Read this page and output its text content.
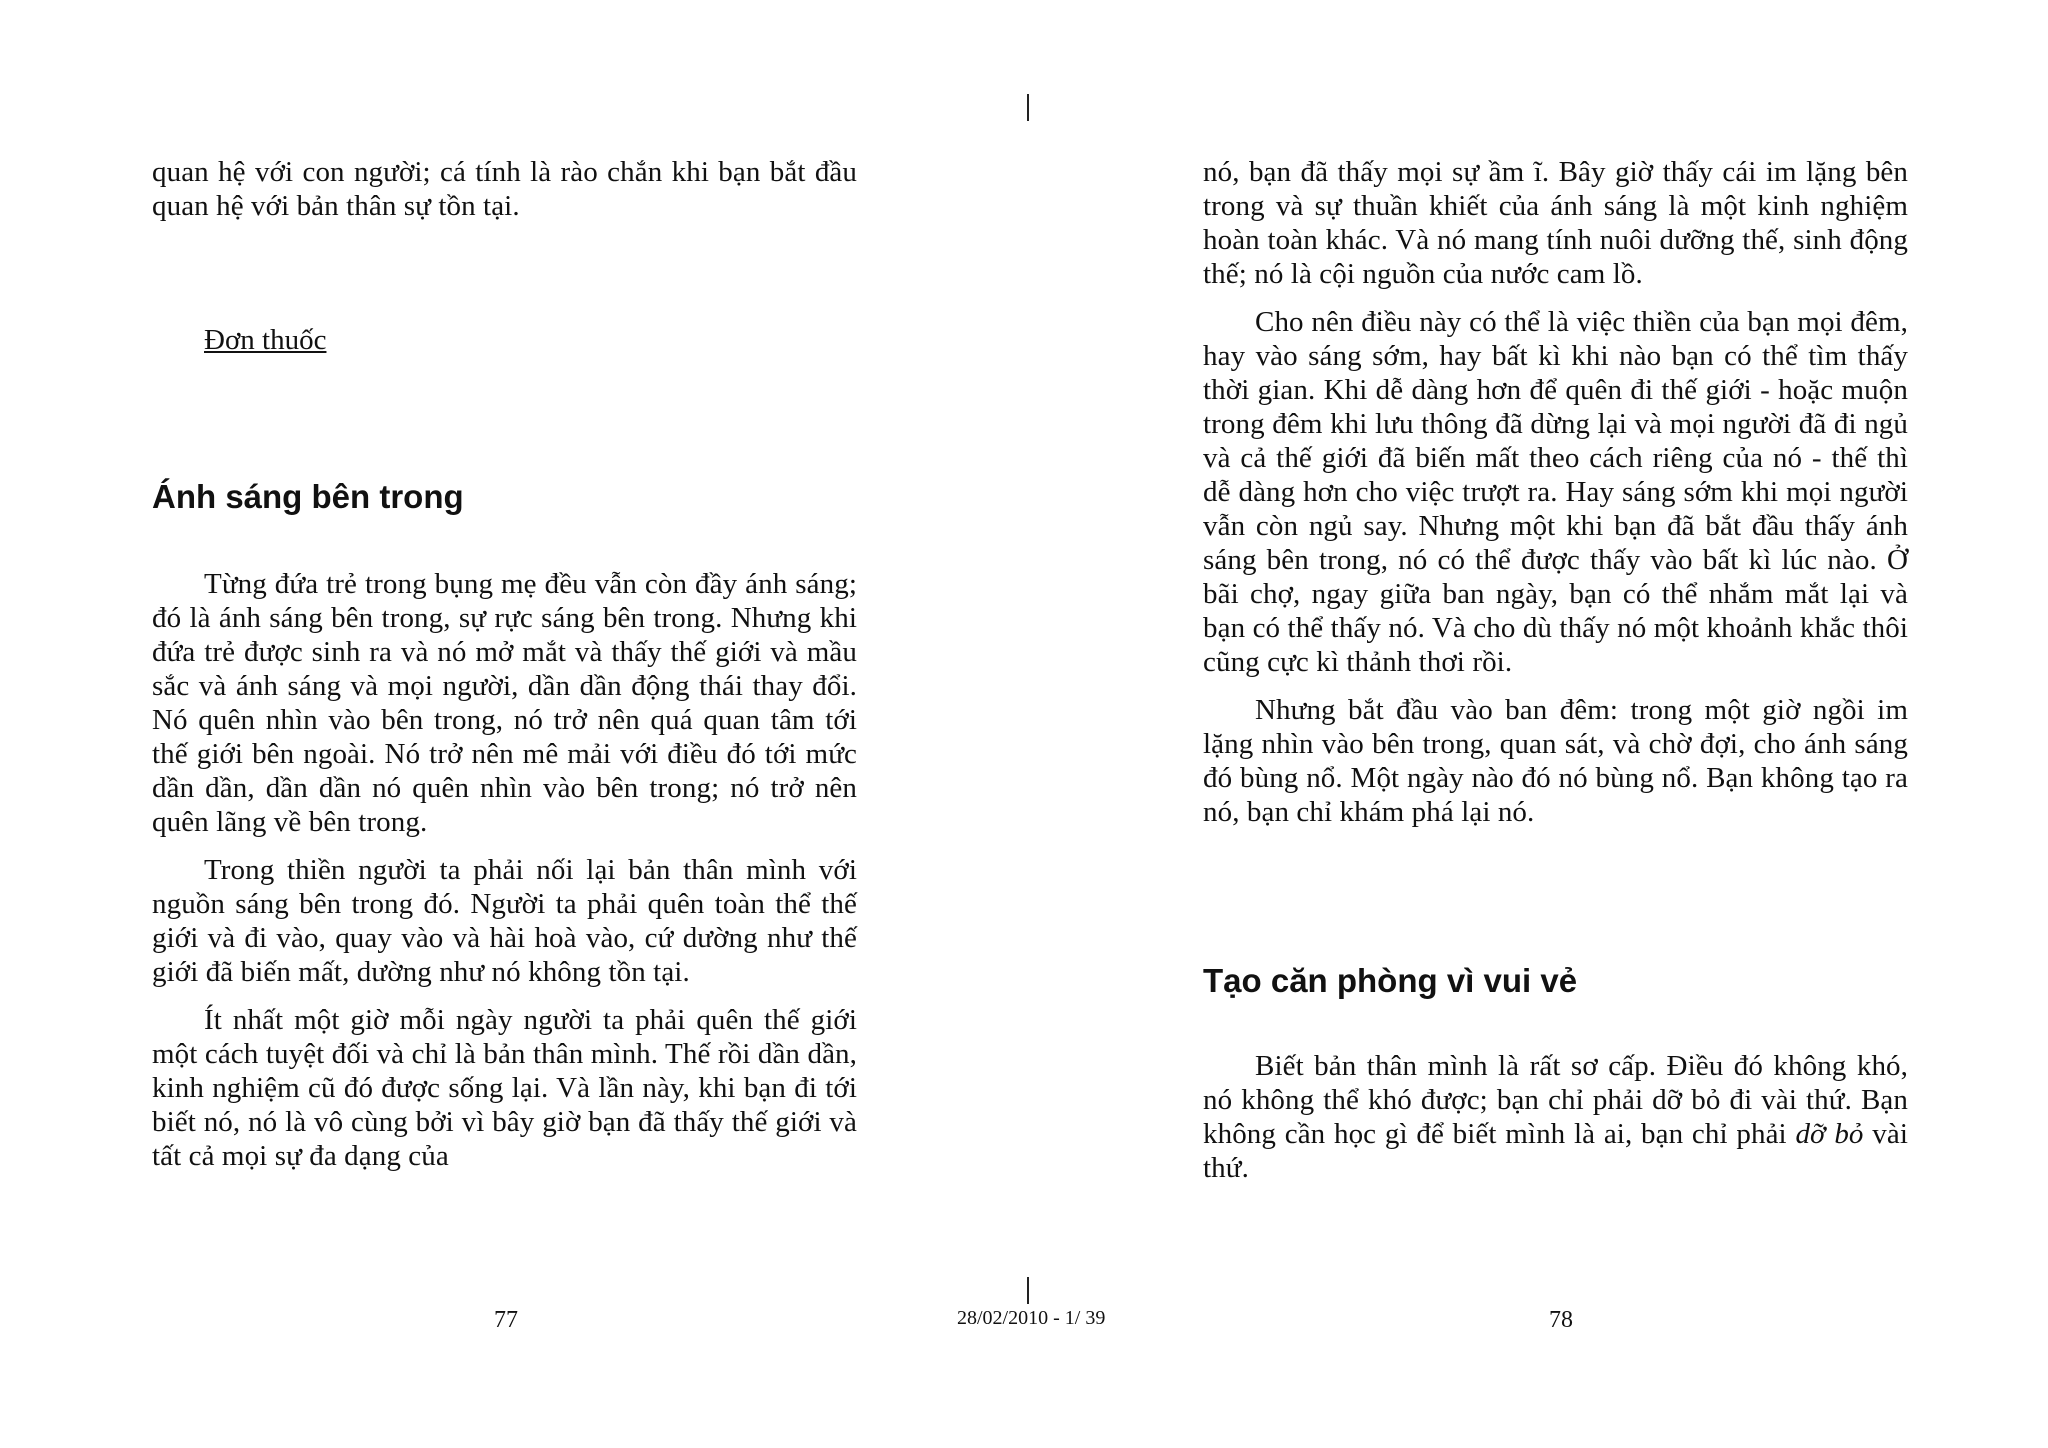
quan hệ với con người; cá tính là rào chắn khi bạn bắt đầu quan hệ với bản thân sự tồn tại.

Đơn thuốc

Ánh sáng bên trong

Từng đứa trẻ trong bụng mẹ đều vẫn còn đầy ánh sáng; đó là ánh sáng bên trong, sự rực sáng bên trong. Nhưng khi đứa trẻ được sinh ra và nó mở mắt và thấy thế giới và mầu sắc và ánh sáng và mọi người, dần dần động thái thay đổi. Nó quên nhìn vào bên trong, nó trở nên quá quan tâm tới thế giới bên ngoài. Nó trở nên mê mải với điều đó tới mức dần dần, dần dần nó quên nhìn vào bên trong; nó trở nên quên lãng về bên trong.

Trong thiền người ta phải nối lại bản thân mình với nguồn sáng bên trong đó. Người ta phải quên toàn thể thế giới và đi vào, quay vào và hài hoà vào, cứ dường như thế giới đã biến mất, dường như nó không tồn tại.

Ít nhất một giờ mỗi ngày người ta phải quên thế giới một cách tuyệt đối và chỉ là bản thân mình. Thế rồi dần dần, kinh nghiệm cũ đó được sống lại. Và lần này, khi bạn đi tới biết nó, nó là vô cùng bởi vì bây giờ bạn đã thấy thế giới và tất cả mọi sự đa dạng của

nó, bạn đã thấy mọi sự ầm ĩ. Bây giờ thấy cái im lặng bên trong và sự thuần khiết của ánh sáng là một kinh nghiệm hoàn toàn khác. Và nó mang tính nuôi dưỡng thế, sinh động thế; nó là cội nguồn của nước cam lồ.

Cho nên điều này có thể là việc thiền của bạn mọi đêm, hay vào sáng sớm, hay bất kì khi nào bạn có thể tìm thấy thời gian. Khi dễ dàng hơn để quên đi thế giới - hoặc muộn trong đêm khi lưu thông đã dừng lại và mọi người đã đi ngủ và cả thế giới đã biến mất theo cách riêng của nó - thế thì dễ dàng hơn cho việc trượt ra. Hay sáng sớm khi mọi người vẫn còn ngủ say. Nhưng một khi bạn đã bắt đầu thấy ánh sáng bên trong, nó có thể được thấy vào bất kì lúc nào. Ở bãi chợ, ngay giữa ban ngày, bạn có thể nhắm mắt lại và bạn có thể thấy nó. Và cho dù thấy nó một khoảnh khắc thôi cũng cực kì thảnh thơi rồi.

Nhưng bắt đầu vào ban đêm: trong một giờ ngồi im lặng nhìn vào bên trong, quan sát, và chờ đợi, cho ánh sáng đó bùng nổ. Một ngày nào đó nó bùng nổ. Bạn không tạo ra nó, bạn chỉ khám phá lại nó.

Tạo căn phòng vì vui vẻ

Biết bản thân mình là rất sơ cấp. Điều đó không khó, nó không thể khó được; bạn chỉ phải dỡ bỏ đi vài thứ. Bạn không cần học gì để biết mình là ai, bạn chỉ phải dỡ bỏ vài thứ.

77	28/02/2010 - 1/ 39	78
